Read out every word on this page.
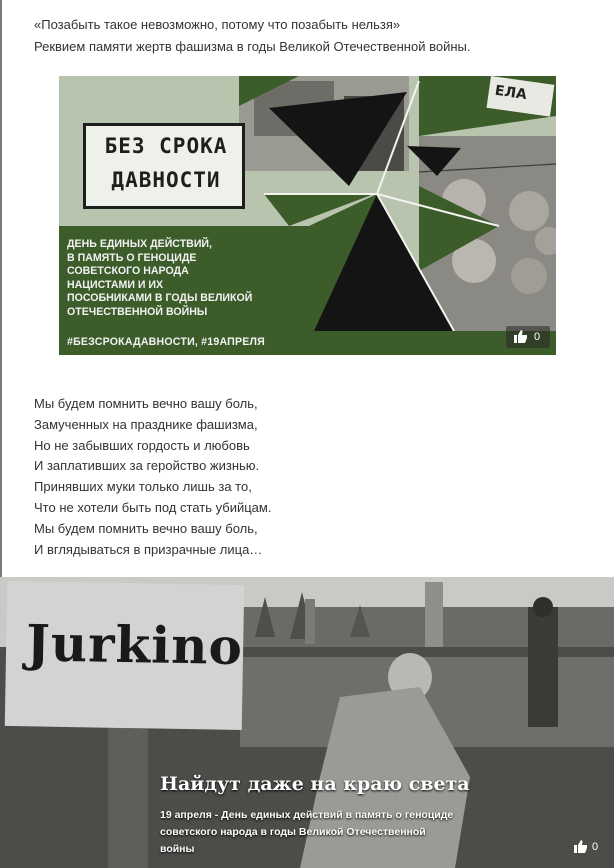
«Позабыть такое невозможно, потому что позабыть нельзя»
Реквием памяти жертв фашизма в годы Великой Отечественной войны.
ЕЛА
БЕЗ СРОКА
ДАВНОСТИ
ДЕНЬ ЕДИНЫХ ДЕЙСТВИЙ,
В ПАМЯТЬ О ГЕНОЦИДЕ
СОВЕТСКОГО НАРОДА
НАЦИСТАМИ И ИХ
ПОСОБНИКАМИ В ГОДЫ ВЕЛИКОЙ
ОТЕЧЕСТВЕННОЙ ВОЙНЫ
#БЕЗСРОКАДАВНОСТИ, #19АПРЕЛЯ	0
Мы будем помнить вечно вашу боль,
Замученных на празднике фашизма,
Но не забывших гордость и любовь
И заплативших за геройство жизнью.
Принявших муки только лишь за то,
Что не хотели быть под стать убийцам.
Мы будем помнить вечно вашу боль,
И вглядываться в призрачные лица…
Jurkino
Найдут даже на краю света
19 апреля - День единых действий в память о геноциде
советского народа в годы Великой Отечественной
войны	0
